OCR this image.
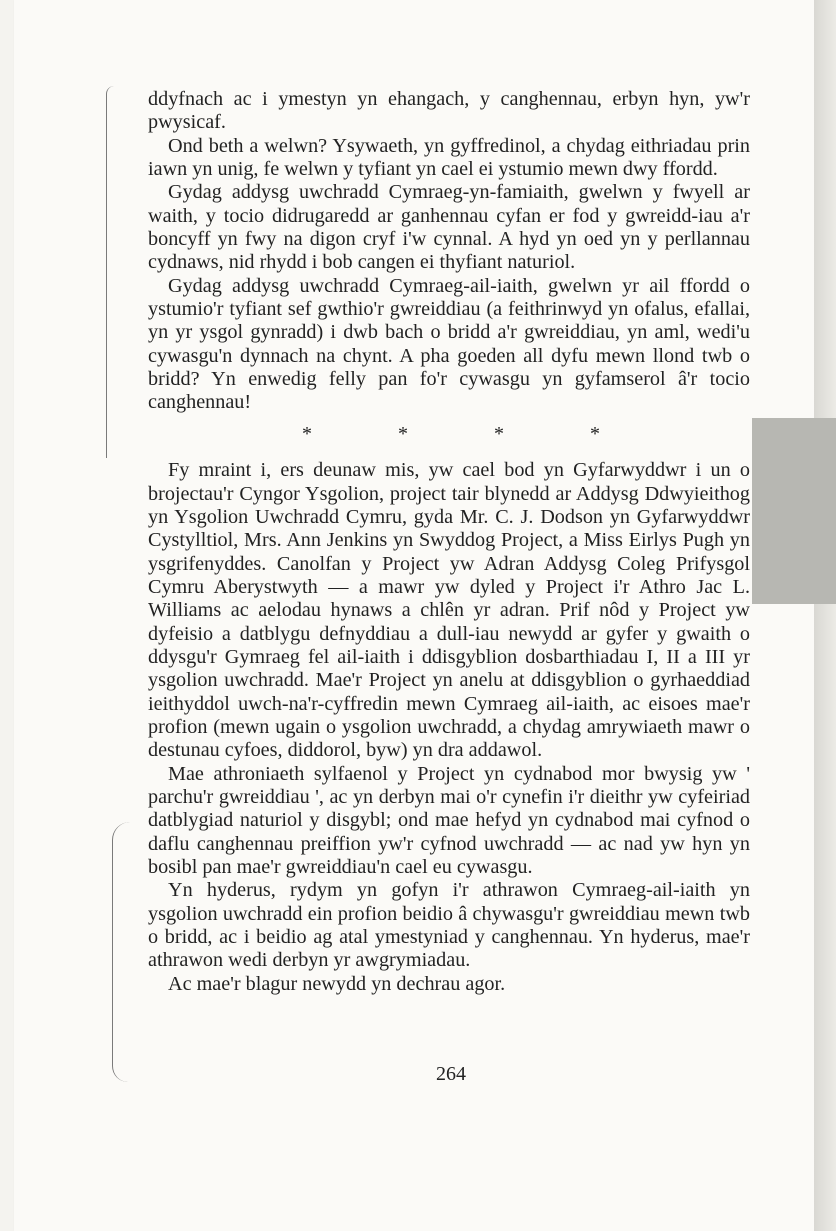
ddyfnach ac i ymestyn yn ehangach, y canghennau, erbyn hyn, yw'r pwysicaf.

Ond beth a welwn? Ysywaeth, yn gyffredinol, a chydag eithriadau prin iawn yn unig, fe welwn y tyfiant yn cael ei ystumio mewn dwy ffordd.

Gydag addysg uwchradd Cymraeg-yn-famiaith, gwelwn y fwyell ar waith, y tocio didrugaredd ar ganhennau cyfan er fod y gwreidd-iau a'r boncyff yn fwy na digon cryf i'w cynnal. A hyd yn oed yn y perllannau cydnaws, nid rhydd i bob cangen ei thyfiant naturiol.

Gydag addysg uwchradd Cymraeg-ail-iaith, gwelwn yr ail ffordd o ystumio'r tyfiant sef gwthio'r gwreiddiau (a feithrinwyd yn ofalus, efallai, yn yr ysgol gynradd) i dwb bach o bridd a'r gwreiddiau, yn aml, wedi'u cywasgu'n dynnach na chynt. A pha goeden all dyfu mewn llond twb o bridd? Yn enwedig felly pan fo'r cywasgu yn gyfamserol â'r tocio canghennau!

*	*	*	*

Fy mraint i, ers deunaw mis, yw cael bod yn Gyfarwyddwr i un o brojectau'r Cyngor Ysgolion, project tair blynedd ar Addysg Ddwyieithog yn Ysgolion Uwchradd Cymru, gyda Mr. C. J. Dodson yn Gyfarwyddwr Cystylltiol, Mrs. Ann Jenkins yn Swyddog Project, a Miss Eirlys Pugh yn ysgrifenyddes. Canolfan y Project yw Adran Addysg Coleg Prifysgol Cymru Aberystwyth — a mawr yw dyled y Project i'r Athro Jac L. Williams ac aelodau hynaws a chlên yr adran. Prif nôd y Project yw dyfeisio a datblygu defnyddiau a dull-iau newydd ar gyfer y gwaith o ddysgu'r Gymraeg fel ail-iaith i ddisgyblion dosbarthiadau I, II a III yr ysgolion uwchradd. Mae'r Project yn anelu at ddisgyblion o gyrhaeddiad ieithyddol uwch-na'r-cyffredin mewn Cymraeg ail-iaith, ac eisoes mae'r profion (mewn ugain o ysgolion uwchradd, a chydag amrywiaeth mawr o destunau cyfoes, diddorol, byw) yn dra addawol.

Mae athroniaeth sylfaenol y Project yn cydnabod mor bwysig yw ' parchu'r gwreiddiau ', ac yn derbyn mai o'r cynefin i'r dieithr yw cyfeiriad datblygiad naturiol y disgybl; ond mae hefyd yn cydnabod mai cyfnod o daflu canghennau preiffion yw'r cyfnod uwchradd — ac nad yw hyn yn bosibl pan mae'r gwreiddiau'n cael eu cywasgu.

Yn hyderus, rydym yn gofyn i'r athrawon Cymraeg-ail-iaith yn ysgolion uwchradd ein profion beidio â chywasgu'r gwreiddiau mewn twb o bridd, ac i beidio ag atal ymestyniad y canghennau. Yn hyderus, mae'r athrawon wedi derbyn yr awgrymiadau.

Ac mae'r blagur newydd yn dechrau agor.

264
